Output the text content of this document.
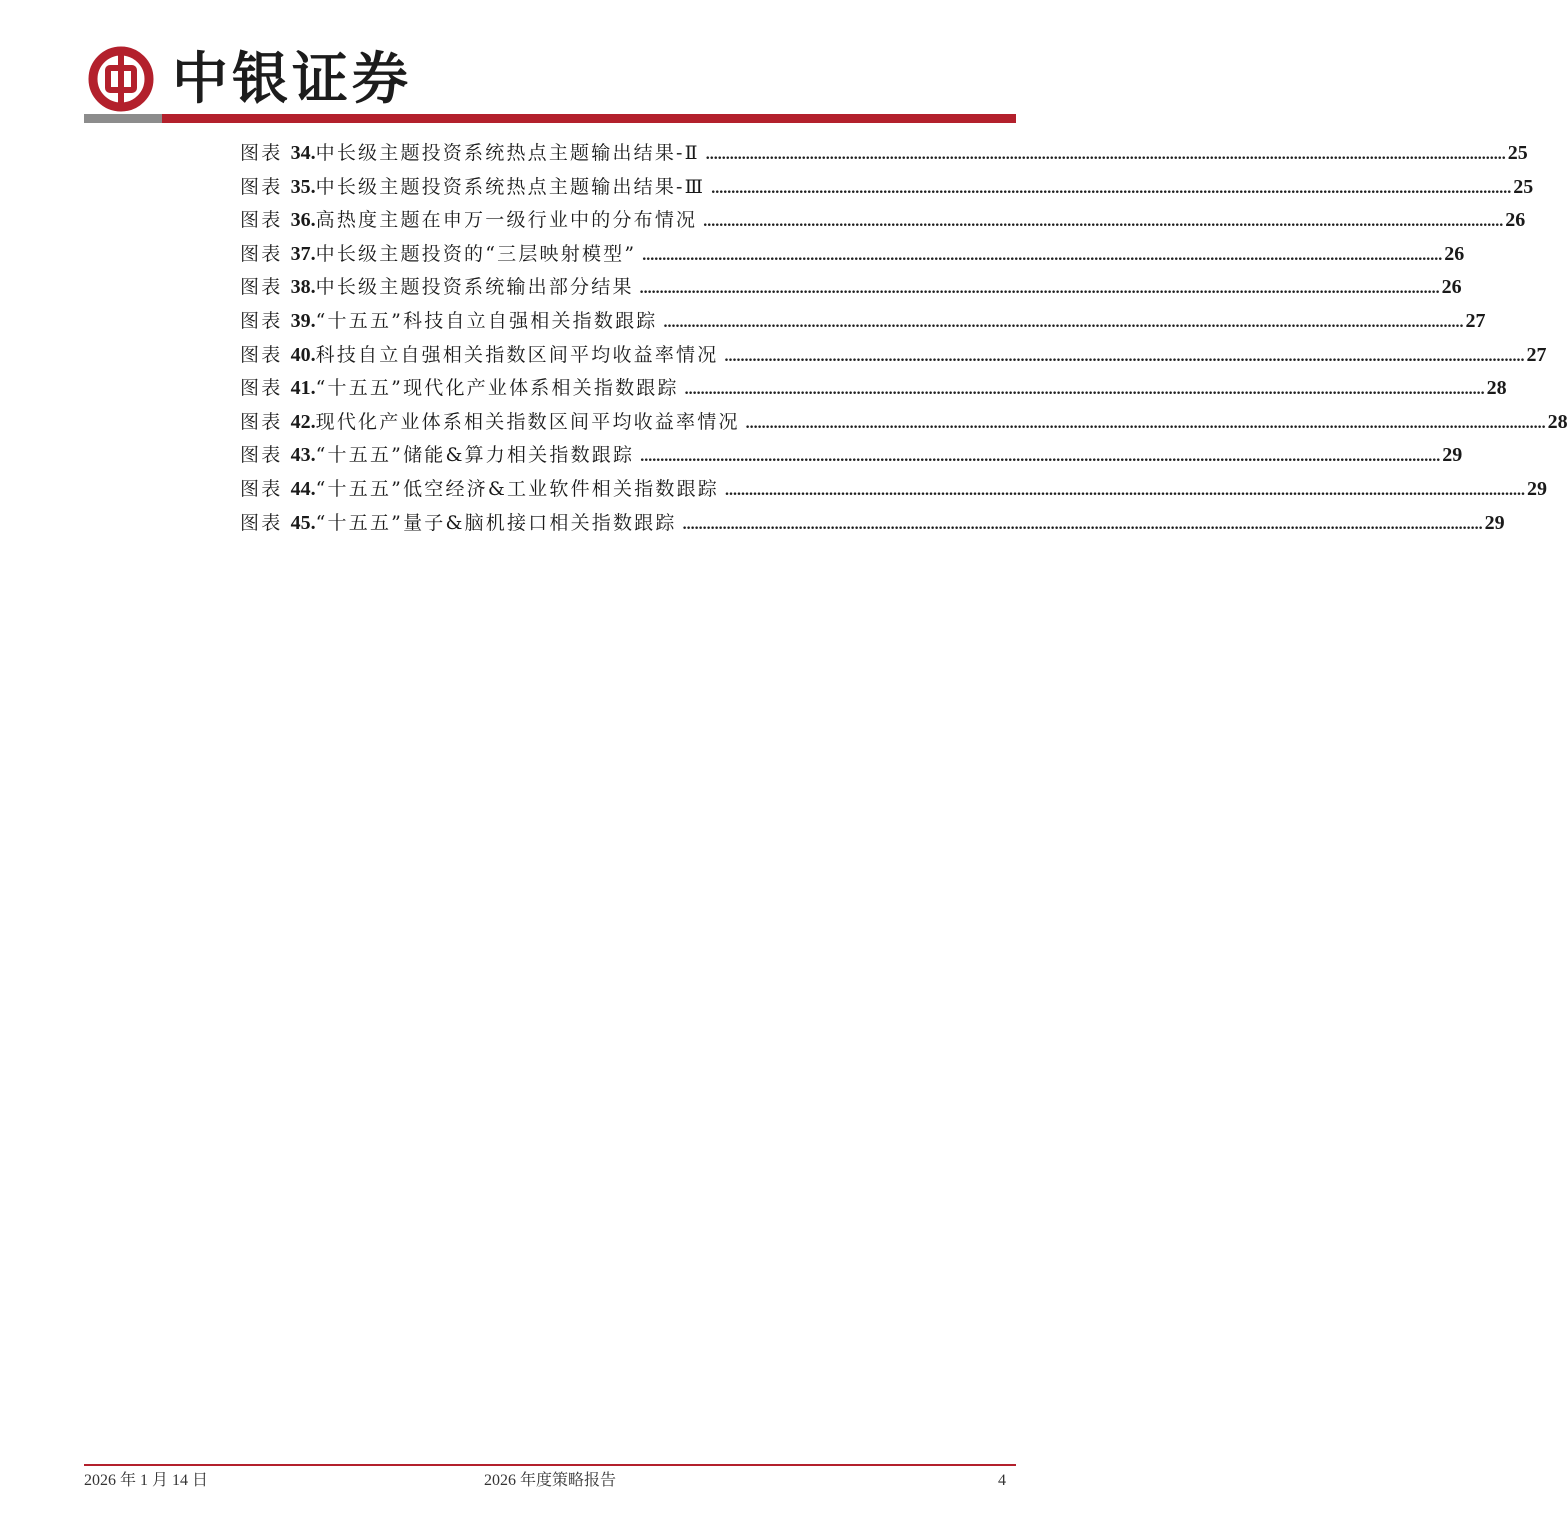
中银证券
图表 34.中长级主题投资系统热点主题输出结果-Ⅱ ........................................................................................................................................................................................................ 25
图表 35.中长级主题投资系统热点主题输出结果-Ⅲ ........................................................................................................................................................................................................ 25
图表 36.高热度主题在申万一级行业中的分布情况 ........................................................................................................................................................................................................ 26
图表 37.中长级主题投资的“三层映射模型” ........................................................................................................................................................................................................ 26
图表 38.中长级主题投资系统输出部分结果 ........................................................................................................................................................................................................ 26
图表 39.“十五五”科技自立自强相关指数跟踪 ........................................................................................................................................................................................................ 27
图表 40.科技自立自强相关指数区间平均收益率情况 ........................................................................................................................................................................................................ 27
图表 41.“十五五”现代化产业体系相关指数跟踪 ........................................................................................................................................................................................................ 28
图表 42.现代化产业体系相关指数区间平均收益率情况 ........................................................................................................................................................................................................ 28
图表 43.“十五五”储能&算力相关指数跟踪 ........................................................................................................................................................................................................ 29
图表 44.“十五五”低空经济&工业软件相关指数跟踪 ........................................................................................................................................................................................................ 29
图表 45.“十五五”量子&脑机接口相关指数跟踪 ........................................................................................................................................................................................................ 29
2026 年 1 月 14 日	2026 年度策略报告	4
